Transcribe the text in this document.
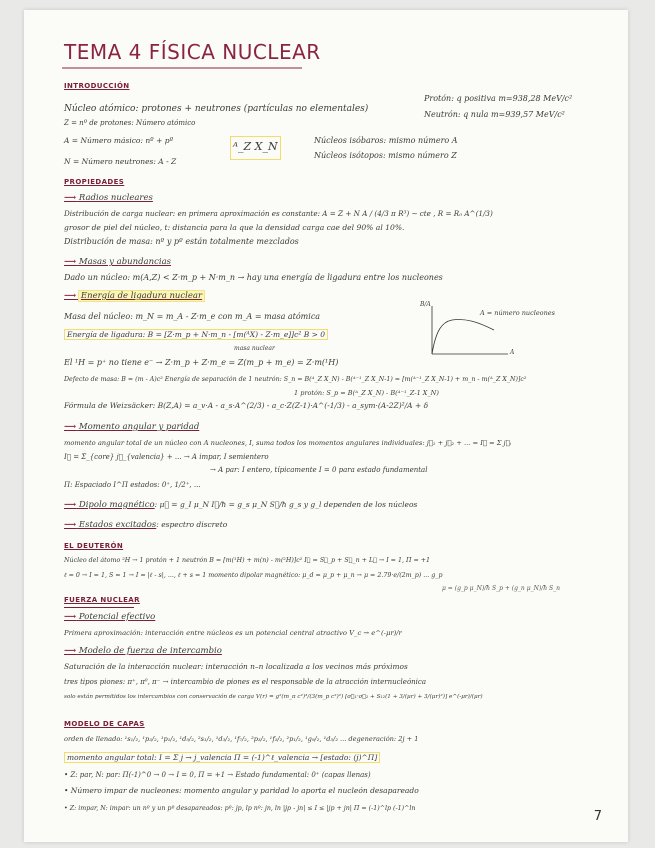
TEMA 4 FÍSICA NUCLEAR
INTRODUCCIÓN
Núcleo atómico: protones + neutrones (partículas no elementales)
Protón: q positiva m=938,28 MeV/c²
Neutrón: q nula m=939,57 MeV/c²
Z = nº de protones: Número atómico
A = Número másico: nº + pº	ᴬ_Z X_N	Núcleos isóbaros: mismo número A
Núcleos isótopos: mismo número Z
N = Número neutrones: A - Z
PROPIEDADES
⟶ Radios nucleares
Distribución de carga nuclear: en primera aproximación es constante: A = Z + N A / (4/3 π R³) ∼ cte , R = R₀ A^(1/3)
grosor de piel del núcleo, t: distancia para la que la densidad carga cae del 90% al 10%.
Distribución de masa: nº y pº están totalmente mezclados
⟶ Masas y abundancias
Dado un núcleo: m(A,Z) < Z·m_p + N·m_n → hay una energía de ligadura entre los nucleones
⟶ Energía de ligadura nuclear
B/A
A
A = número nucleones
Masa del núcleo: m_N = m_A - Z·m_e con m_A = masa atómica
Energía de ligadura: B = [Z·m_p + N·m_n - [m(ᴬX) - Z·m_e]]c² B > 0
masa nuclear
El ¹H = p⁺ no tiene e⁻ → Z·m_p + Z·m_e = Z(m_p + m_e) = Z·m(¹H)
Defecto de masa: B = (m - A)c² Energía de separación de 1 neutrón: S_n = B(ᴬ_Z X_N) - B(ᴬ⁻¹_Z X_N-1) = [m(ᴬ⁻¹_Z X_N-1) + m_n - m(ᴬ_Z X_N)]c²
1 protón: S_p = B(ᴬ_Z X_N) - B(ᴬ⁻¹_Z-1 X_N)
Fórmula de Weizsäcker: B(Z,A) = a_v·A - a_s·A^(2/3) - a_c·Z(Z-1)·A^(-1/3) - a_sym·(A-2Z)²/A + δ
⟶ Momento angular y paridad
momento angular total de un núcleo con A nucleones, I, suma todos los momentos angulares individuales: j⃗₁ + j⃗₂ + ... = I⃗ = Σ j⃗ᵢ
I⃗ = Σ_{core} j⃗_{valencia} + ... → A impar, I semientero
→ A par: I entero, típicamente I = 0 para estado fundamental
Π: Espaciado I^Π estados: 0⁺, 1/2⁺, ...
⟶ Dipolo magnético: μ⃗ = g_I μ_N I⃗/ħ = g_s μ_N S⃗/ħ g_s y g_l dependen de los núcleos
⟶ Estados excitados: espectro discreto
EL DEUTERÓN
Núcleo del átomo ²H → 1 protón + 1 neutrón B = [m(¹H) + m(n) - m(²H)]c² I⃗ = S⃗_p + S⃗_n + L⃗ → I = 1, Π = +1
ℓ = 0 → I = 1, S = 1 → I = |ℓ - s|, ..., ℓ + s = 1 momento dipolar magnético: μ_d = μ_p + μ_n → μ = 2.79·e/(2m_p) ... g_p
μ = (g_p μ_N)/ħ S_p + (g_n μ_N)/ħ S_n
FUERZA NUCLEAR
⟶ Potencial efectivo
Primera aproximación: interacción entre núcleos es un potencial central atractivo V_c → e^(-μr)/r
⟶ Modelo de fuerza de intercambio
Saturación de la interacción nuclear: interacción n–n localizada a los vecinos más próximos
tres tipos piones: π⁺, π⁰, π⁻ → intercambio de piones es el responsable de la atracción internucleónica
solo están permitidos los intercambios con conservación de carga V(r) = g²(m_π c²)³/(3(m_p c²)²) [σ⃗₁·σ⃗₂ + S₁₂(1 + 3/(μr) + 3/(μr)²)] e^(-μr)/(μr)
MODELO DE CAPAS
orden de llenado: ¹s₁/₂, ¹p₃/₂, ¹p₁/₂, ¹d₅/₂, ²s₁/₂, ¹d₃/₂, ¹f₇/₂, ²p₃/₂, ¹f₅/₂, ²p₁/₂, ¹g₉/₂, ¹d₅/₂ ... degeneración: 2j + 1
momento angular total: I = Σ j → j_valencia Π = (-1)^ℓ_valencia → [estado: (j)^Π]
• Z: par, N: par: Π(-1)^0 → 0 → I = 0, Π = +1 → Estado fundamental: 0⁺ (capas llenas)
• Número impar de nucleones: momento angular y paridad lo aporta el nucleón desapareado
• Z: impar, N: impar: un nº y un pº desapareados: pº: jp, lp nº: jn, ln |jp - jn| ≤ I ≤ |jp + jn| Π = (-1)^lp (-1)^ln
7
